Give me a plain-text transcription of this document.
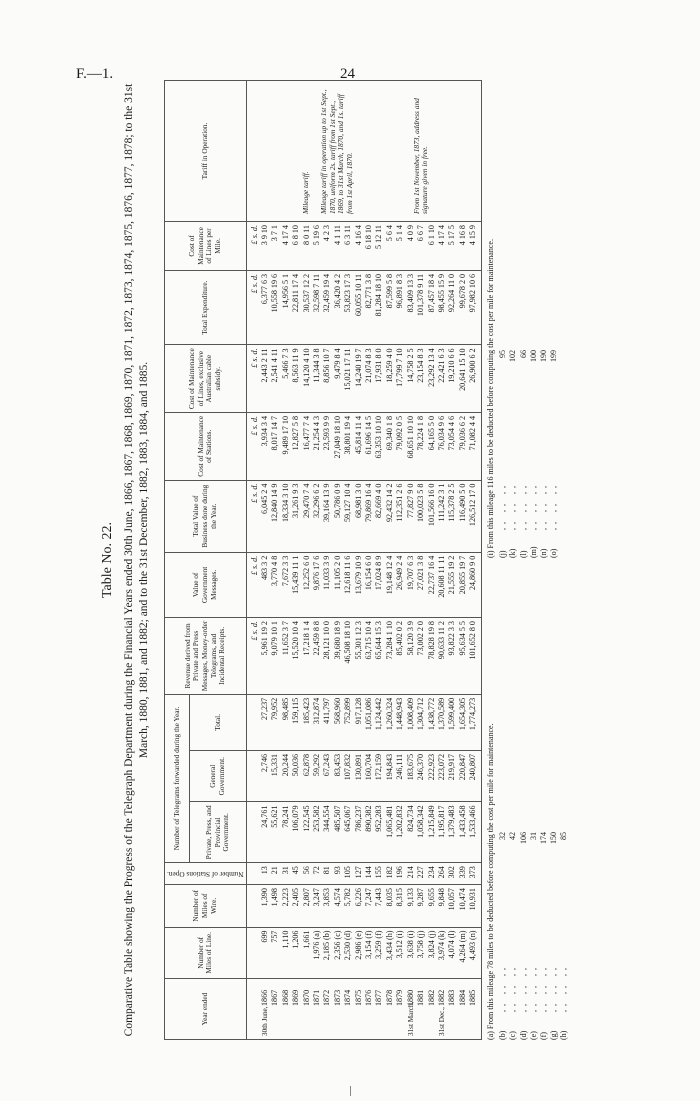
F.—1.	24
Table No. 22. Comparative Table showing the Progress of the Telegraph Department during the Financial Years ended 30th June, 1866, 1867, 1868, 1869, 1870, 1871, 1872, 1873, 1874, 1875, 1876, 1877, 1878; to the 31st March, 1880, 1881, and 1882; and to the 31st December, 1882, 1883, 1884, and 1885.
Year ended	Number of Miles of Line.	Number of Miles of Wire.	Number of Stations Open.	Number of Telegrams forwarded during the Year.			Revenue derived from Private and Press Messages, Money-order Telegrams, and Incidental Receipts.	Value of Government Messages.	Total Value of Business done during the Year.	Cost of Maintenance of Stations.	Cost of Maintenance of Lines, exclusive Australian cable subsidy.	Total Expenditure.	Cost of Maintenance of Lines per Mile.	Tariff in Operation.
				Private, Press, and Provincial Government.	General Government.	Total.								
							£ s. d.	£ s. d.	£ s. d.	£ s. d.	£ s. d.	£ s. d.	£ s. d.	Mileage tariff. Mileage tariff in operation up to 1st Sept., 1870, uniform 2s. tariff from 1st Sept., 1869, to 31st March, 1870, and 1s. tariff from 1st April, 1870. From 1st November, 1873, address and signature given in free.

30th June,1866	699	1,390	13	24,761	2,746	27,237	5,961 19 2	483 3 2	6,045 2 4	3,934 3 4	2,443 2 11	6,377 6 3	3 9 10	
1867	757	1,498	21	55,621	15,331	79,952	9,079 10 1	3,770 4 8	12,840 14 9	8,017 14 7	2,541 4 11	10,558 19 6	3 7 1	
1868	1,110	2,223	31	78,241	20,244	98,485	11,652 3 7	7,672 3 3	18,334 3 10	9,489 17 10	5,466 7 3	14,956 5 1	4 17 4	
1869	1,206	2,405	45	106,079	50,036	159,115	15,520 10 4	15,439 11 1	31,261 9 3	12,827 5 8	8,563 11 9	22,811 17 4	6 8 10	
1870	1,661	2,807	56	122,545	62,878	185,423	17,218 1 4	12,252 6 0	29,470 7 4	16,477 7 4	14,120 4 10	30,537 12 2	8 0 11	
1871	1,976 (a)	3,247	72	253,582	59,292	312,874	22,459 8 8	9,876 17 6	32,296 6 2	21,254 4 3	11,344 3 8	32,598 7 11	5 19 6	
1872	2,185 (b)	3,853	81	344,554	67,243	411,797	28,121 10 0	11,033 3 9	39,164 13 9	23,593 9 9	8,856 10 7	32,459 19 4	4 2 3	
1873	2,356 (c)	4,574	93	485,507	83,453	568,960	39,680 18 9	11,105 2 0	50,786 0 9	27,049 18 10	9,479 8 4	36,420 4 2	4 1 11	
1874	2,530 (d)	5,782	105	645,067	107,832	752,899	46,508 18 10	12,618 11 6	59,127 10 4	38,801 19 4	15,021 17 11	53,823 17 3	6 3 11	
1875	2,986 (e)	6,226	127	786,237	130,891	917,128	55,301 12 3	13,679 10 9	68,981 3 0	45,814 11 4	14,240 19 7	60,055 10 11	4 16 4	
1876	3,154 (f)	7,247	144	890,382	160,704	1,051,086	63,715 10 4	16,154 6 0	79,869 16 4	61,696 14 5	21,074 8 3	82,771 3 8	6 18 10	
1877	3,259 (f)	7,443	155	952,283	172,159	1,124,442	65,644 15 3	17,024 8 9	82,669 4 0	63,353 10 10	17,931 8 0	81,284 18 10	5 12 11	
1878	3,434 (h)	8,035	182	1,065,481	194,843	1,260,324	73,284 1 10	19,148 12 4	92,432 14 2	69,340 1 8	18,259 4 0	87,599 5 8	5 6 4	
1879	3,512 (i)	8,315	196	1,202,832	246,111	1,448,943	85,402 0 2	26,949 2 4	112,351 2 6	79,092 0 5	17,799 7 10	96,891 8 3	5 1 4	
31st March,1880	3,638 (i)	9,133	214	824,734	183,675	1,008,409	58,120 3 9	19,707 6 3	77,827 9 0	68,651 10 10	14,758 2 5	83,409 13 3	4 0 9	
1881	3,758 (j)	9,287	227	1,058,342	246,370	1,304,712	73,002 2 0	27,021 3 8	100,023 5 8	78,224 1 8	23,154 8 3	101,378 9 11	6 6 7	
1882	3,824 (j)	9,655	234	1,215,849	222,923	1,438,772	78,828 19 8	22,737 16 4	101,566 16 0	64,165 5 0	23,292 13 4	87,457 18 4	6 1 10	
31st Dec.,1882	3,974 (k)	9,848	264	1,195,817	223,072	1,370,589	90,633 11 2	20,608 11 11	111,242 3 1	76,034 9 6	22,421 6 3	98,455 15 9	4 17 4	
1883	4,074 (l)	10,057	302	1,379,483	219,917	1,599,400	93,822 3 3	21,555 19 2	115,378 2 5	73,054 4 6	19,210 6 6	92,264 11 0	5 17 5	
1884	4,264 (m)	10,474	339	1,433,458	220,847	1,654,305	95,634 5 5	20,855 19 7	116,490 5 0	79,036 6 2	20,641 15 10	99,678 2 0	4 16 8	
1885	4,493 (n)	10,931	373	1,533,466	240,807	1,774,273	101,652 8 0	24,860 9 0	126,512 17 0	71,082 4 4	26,900 6 2	97,982 10 6	4 15 9	
(a) From this mileage 78 miles to be deducted before computing the cost per mile for maintenance. (b),, ,, ,,32
(c),, ,, ,,42
(d),, ,, ,,106
(e),, ,, ,,31
(f),, ,, ,,174
(g),, ,, ,,150
(h),, ,, ,,85
(i) From this mileage 116 miles to be deducted before computing the cost per mile for maintenance. (j),, ,, ,,95
(k),, ,, ,,102
(l),, ,, ,,66
(m),, ,, ,,100
(n),, ,, ,,190
(o),, ,, ,,199
